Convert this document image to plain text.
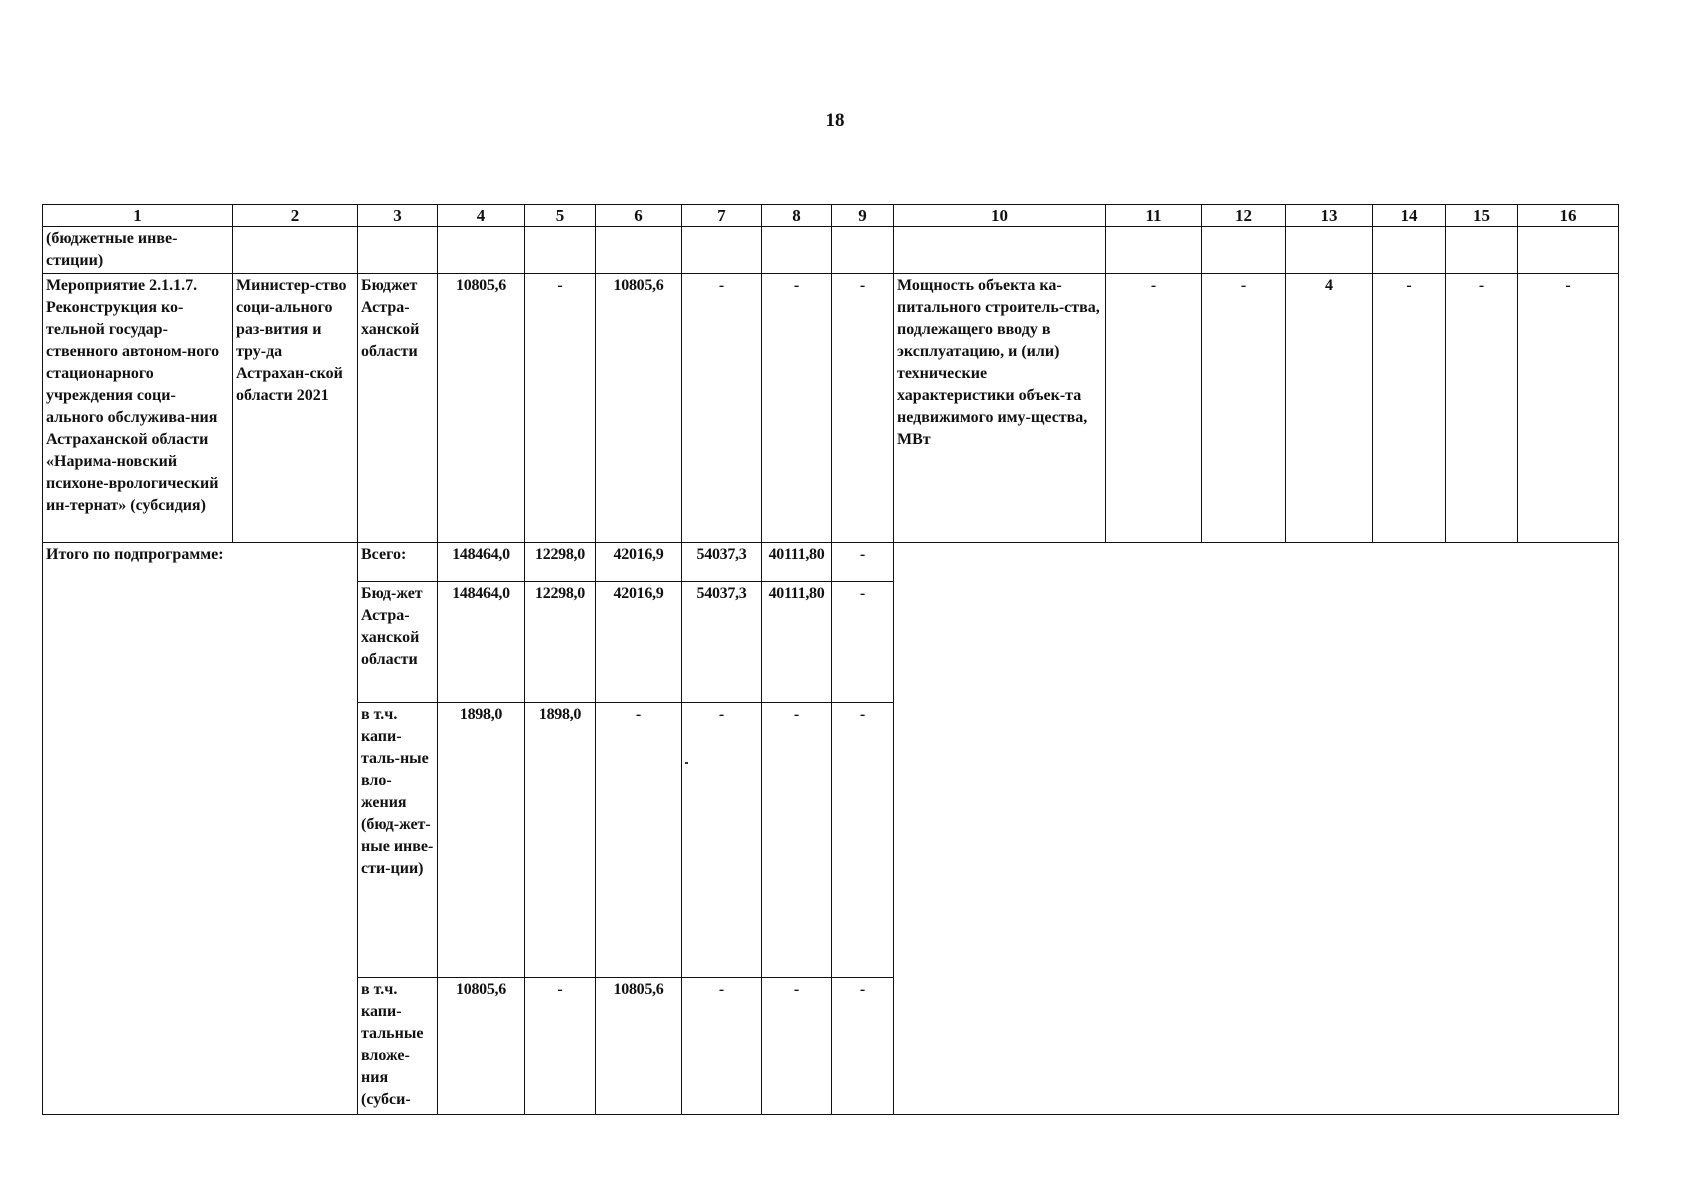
18
1	2	3	4	5	6	7	8	9	10	11	12	13	14	15	16
(бюджетные инве-стиции)															
Мероприятие 2.1.1.7. Реконструкция ко-тельной государ-ственного автоном-ного стационарного учреждения соци-ального обслужива-ния Астраханской области «Нарима-новский психоне-врологический ин-тернат» (субсидия)	Министер-ство соци-ального раз-вития и тру-да Астрахан-ской области 2021	Бюджет Астра-ханской области	10805,6	-	10805,6	-	-	-	Мощность объекта ка-питального строитель-ства, подлежащего вводу в эксплуатацию, и (или) технические характеристики объек-та недвижимого иму-щества, МВт	-	-	4	-	-	-
Итого по подпрограмме:		Всего:	148464,0	12298,0	42016,9	54037,3	40111,80	-							
		Бюд-жет Астра-ханской области	148464,0	12298,0	42016,9	54037,3	40111,80	-							
		в т.ч. капи-таль-ные вло-жения (бюд-жет-ные инве-сти-ции)	1898,0	1898,0	-	-	-	-							
		в т.ч. капи-тальные вложе-ния (субси-	10805,6	-	10805,6	-	-	-							
